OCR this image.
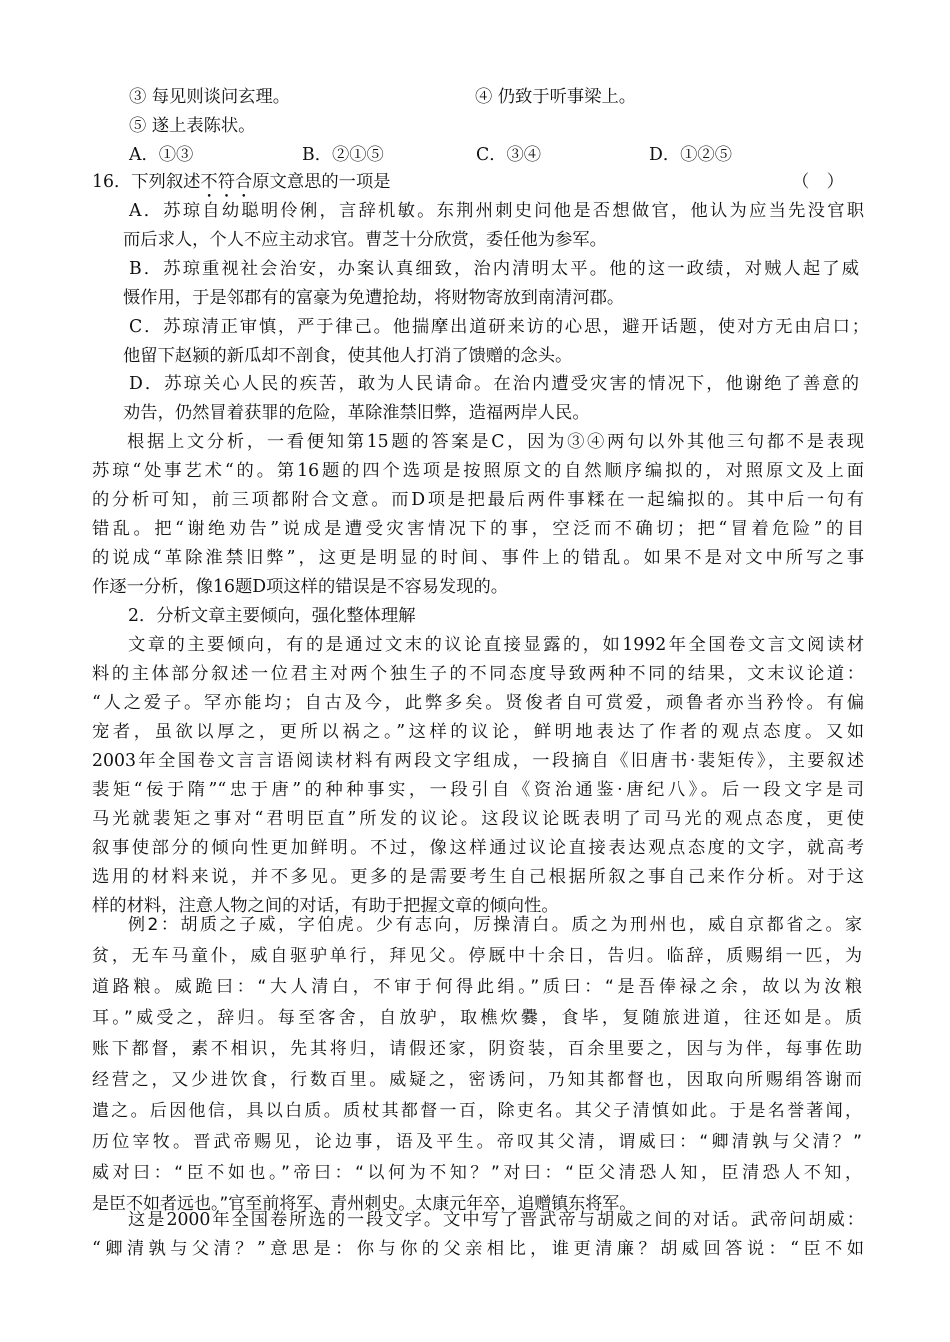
③ 每见则谈问玄理。	④ 仍致于听事梁上。

⑤ 遂上表陈状。

A．①③	B．②①⑤	C．③④	D．①②⑤

16．下列叙述不符合原文意思的一项是	（　）

A．苏琼自幼聪明伶俐，言辞机敏。东荆州刺史问他是否想做官，他认为应当先没官职

而后求人，个人不应主动求官。曹芝十分欣赏，委任他为参军。

B．苏琼重视社会治安，办案认真细致，治内清明太平。他的这一政绩，对贼人起了威

慑作用，于是邻郡有的富豪为免遭抢劫，将财物寄放到南清河郡。

C．苏琼清正审慎，严于律己。他揣摩出道研来访的心思，避开话题，使对方无由启口；

他留下赵颍的新瓜却不剖食，使其他人打消了馈赠的念头。

D．苏琼关心人民的疾苦，敢为人民请命。在治内遭受灾害的情况下，他谢绝了善意的

劝告，仍然冒着获罪的危险，革除淮禁旧弊，造福两岸人民。

根据上文分析，一看便知第15题的答案是C，因为③④两句以外其他三句都不是表现

苏琼“处事艺术“的。第16题的四个选项是按照原文的自然顺序编拟的，对照原文及上面

的分析可知，前三项都附合文意。而D项是把最后两件事糅在一起编拟的。其中后一句有

错乱。把“谢绝劝告”说成是遭受灾害情况下的事，空泛而不确切；把“冒着危险”的目

的说成“革除淮禁旧弊”，这更是明显的时间、事件上的错乱。如果不是对文中所写之事

作逐一分析，像16题D项这样的错误是不容易发现的。

2．分析文章主要倾向，强化整体理解

文章的主要倾向，有的是通过文末的议论直接显露的，如1992年全国卷文言文阅读材

料的主体部分叙述一位君主对两个独生子的不同态度导致两种不同的结果，文末议论道：

“人之爱子。罕亦能均；自古及今，此弊多矣。贤俊者自可赏爱，顽鲁者亦当矜怜。有偏

宠者，虽欲以厚之，更所以祸之。”这样的议论，鲜明地表达了作者的观点态度。又如

2003年全国卷文言言语阅读材料有两段文字组成，一段摘自《旧唐书·裴矩传》，主要叙述

裴矩“佞于隋”“忠于唐”的种种事实，一段引自《资治通鉴·唐纪八》。后一段文字是司

马光就裴矩之事对“君明臣直”所发的议论。这段议论既表明了司马光的观点态度，更使

叙事使部分的倾向性更加鲜明。不过，像这样通过议论直接表达观点态度的文字，就高考

选用的材料来说，并不多见。更多的是需要考生自己根据所叙之事自己来作分析。对于这

样的材料，注意人物之间的对话，有助于把握文章的倾向性。

例2：胡质之子威，字伯虎。少有志向，厉操清白。质之为刑州也，威自京都省之。家

贫，无车马童仆，威自驱驴单行，拜见父。停厩中十余日，告归。临辞，质赐绢一匹，为

道路粮。威跪曰：“大人清白，不审于何得此绢。”质曰：“是吾俸禄之余，故以为汝粮

耳。”威受之，辞归。每至客舍，自放驴，取樵炊爨，食毕，复随旅进道，往还如是。质

账下都督，素不相识，先其将归，请假还家，阴资装，百余里要之，因与为伴，每事佐助

经营之，又少进饮食，行数百里。威疑之，密诱问，乃知其都督也，因取向所赐绢答谢而

遣之。后因他信，具以白质。质杖其都督一百，除吏名。其父子清慎如此。于是名誉著闻，

历位宰牧。晋武帝赐见，论边事，语及平生。帝叹其父清，谓威曰：“卿清孰与父清？”

威对曰：“臣不如也。”帝曰：“以何为不知？”对曰：“臣父清恐人知，臣清恐人不知，

是臣不如者远也。”官至前将军、青州刺史。太康元年卒，追赠镇东将军。

这是2000年全国卷所选的一段文字。文中写了晋武帝与胡威之间的对话。武帝问胡威：

“卿清孰与父清？”意思是：你与你的父亲相比，谁更清廉？胡威回答说：“臣不如
